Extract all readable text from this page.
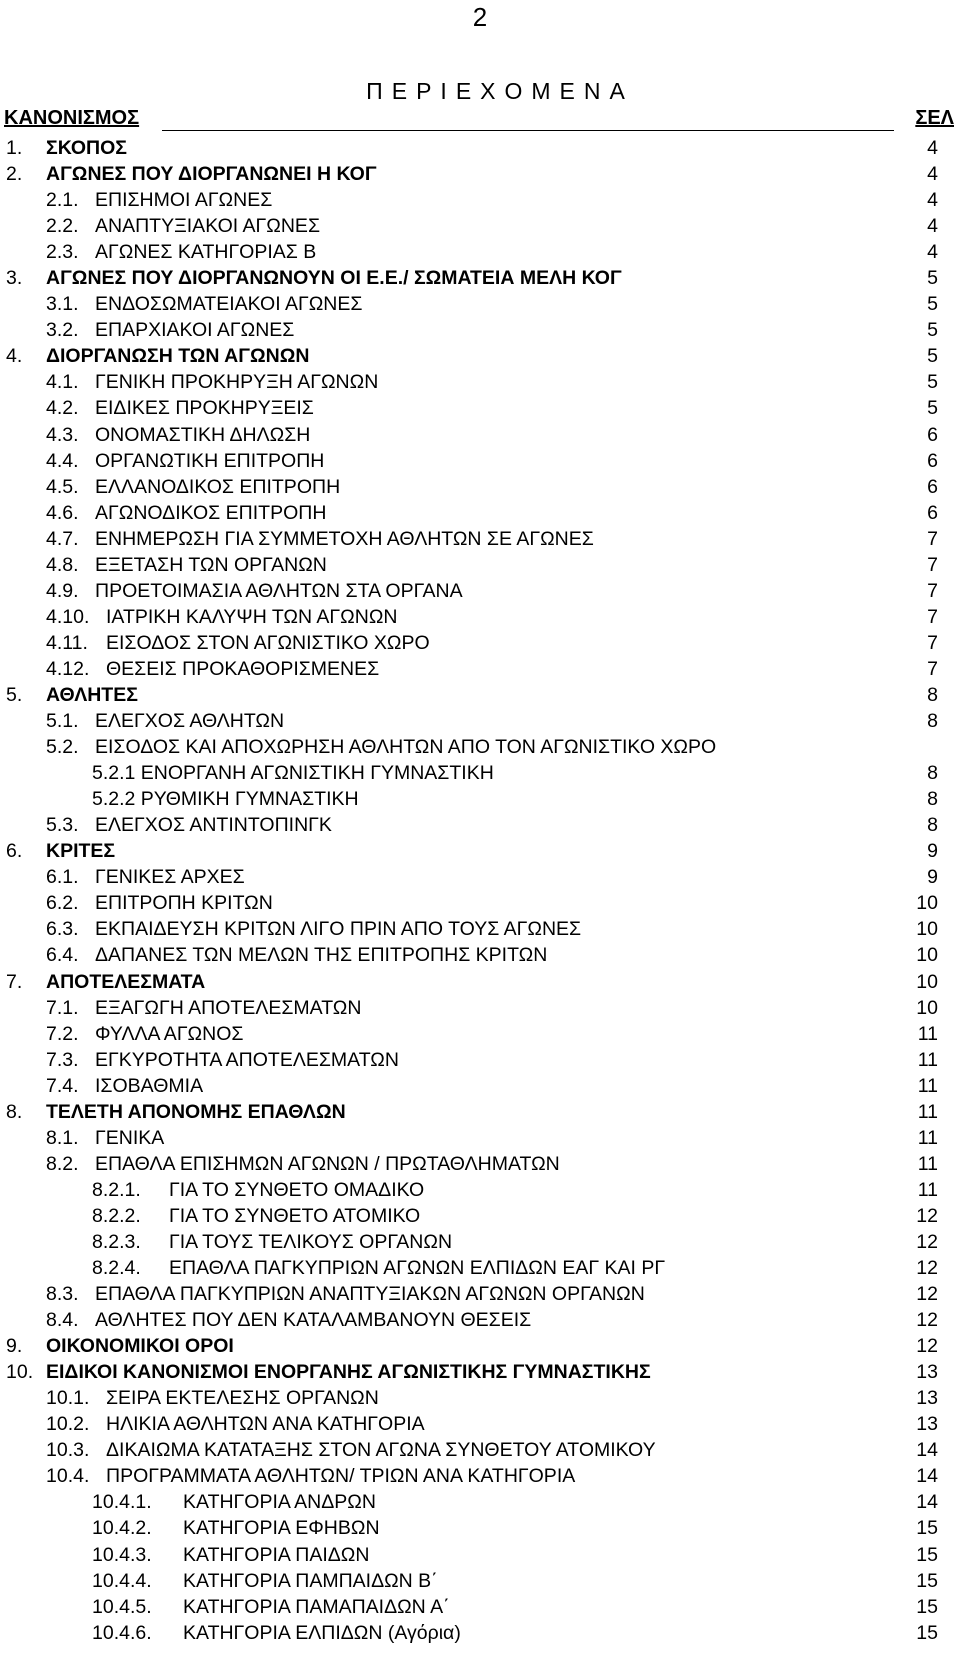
2
ΠΕΡΙΕΧΟΜΕΝΑ
ΚΑΝΟΝΙΣΜΟΣ	ΣΕΛ
1. ΣΚΟΠΟΣ	4
2. ΑΓΩΝΕΣ ΠΟΥ ΔΙΟΡΓΑΝΩΝΕΙ Η ΚΟΓ	4
2.1. ΕΠΙΣΗΜΟΙ ΑΓΩΝΕΣ	4
2.2. ΑΝΑΠΤΥΞΙΑΚΟΙ ΑΓΩΝΕΣ	4
2.3. ΑΓΩΝΕΣ ΚΑΤΗΓΟΡΙΑΣ Β	4
3. ΑΓΩΝΕΣ ΠΟΥ ΔΙΟΡΓΑΝΩΝΟΥΝ ΟΙ Ε.Ε./ ΣΩΜΑΤΕΙΑ ΜΕΛΗ ΚΟΓ	5
3.1. ΕΝΔΟΣΩΜΑΤΕΙΑΚΟΙ ΑΓΩΝΕΣ	5
3.2. ΕΠΑΡΧΙΑΚΟΙ ΑΓΩΝΕΣ	5
4. ΔΙΟΡΓΑΝΩΣΗ ΤΩΝ ΑΓΩΝΩΝ	5
4.1. ΓΕΝΙΚΗ ΠΡΟΚΗΡΥΞΗ ΑΓΩΝΩΝ	5
4.2. ΕΙΔΙΚΕΣ ΠΡΟΚΗΡΥΞΕΙΣ	5
4.3. ΟΝΟΜΑΣΤΙΚΗ ΔΗΛΩΣΗ	6
4.4. ΟΡΓΑΝΩΤΙΚΗ ΕΠΙΤΡΟΠΗ	6
4.5. ΕΛΛΑΝΟΔΙΚΟΣ ΕΠΙΤΡΟΠΗ	6
4.6. ΑΓΩΝΟΔΙΚΟΣ ΕΠΙΤΡΟΠΗ	6
4.7. ΕΝΗΜΕΡΩΣΗ ΓΙΑ ΣΥΜΜΕΤΟΧΗ ΑΘΛΗΤΩΝ ΣΕ ΑΓΩΝΕΣ	7
4.8. ΕΞΕΤΑΣΗ ΤΩΝ ΟΡΓΑΝΩΝ	7
4.9. ΠΡΟΕΤΟΙΜΑΣΙΑ ΑΘΛΗΤΩΝ ΣΤΑ ΟΡΓΑΝΑ	7
4.10. ΙΑΤΡΙΚΗ ΚΑΛΥΨΗ ΤΩΝ ΑΓΩΝΩΝ	7
4.11. ΕΙΣΟΔΟΣ ΣΤΟΝ ΑΓΩΝΙΣΤΙΚΟ ΧΩΡΟ	7
4.12. ΘΕΣΕΙΣ ΠΡΟΚΑΘΟΡΙΣΜΕΝΕΣ	7
5. ΑΘΛΗΤΕΣ	8
5.1. ΕΛΕΓΧΟΣ ΑΘΛΗΤΩΝ	8
5.2. ΕΙΣΟΔΟΣ ΚΑΙ ΑΠΟΧΩΡΗΣΗ ΑΘΛΗΤΩΝ ΑΠΟ ΤΟΝ ΑΓΩΝΙΣΤΙΚΟ ΧΩΡΟ
5.2.1 ΕΝΟΡΓΑΝΗ ΑΓΩΝΙΣΤΙΚΗ ΓΥΜΝΑΣΤΙΚΗ	8
5.2.2 ΡΥΘΜΙΚΗ ΓΥΜΝΑΣΤΙΚΗ	8
5.3. ΕΛΕΓΧΟΣ ΑΝΤΙΝΤΟΠΙΝΓΚ	8
6. ΚΡΙΤΕΣ	9
6.1. ΓΕΝΙΚΕΣ ΑΡΧΕΣ	9
6.2. ΕΠΙΤΡΟΠΗ ΚΡΙΤΩΝ	10
6.3. ΕΚΠΑΙΔΕΥΣΗ ΚΡΙΤΩΝ ΛΙΓΟ ΠΡΙΝ ΑΠΟ ΤΟΥΣ ΑΓΩΝΕΣ	10
6.4. ΔΑΠΑΝΕΣ ΤΩΝ ΜΕΛΩΝ ΤΗΣ ΕΠΙΤΡΟΠΗΣ ΚΡΙΤΩΝ	10
7. ΑΠΟΤΕΛΕΣΜΑΤΑ	10
7.1. ΕΞΑΓΩΓΗ ΑΠΟΤΕΛΕΣΜΑΤΩΝ	10
7.2. ΦΥΛΛΑ ΑΓΩΝΟΣ	11
7.3. ΕΓΚΥΡΟΤΗΤΑ ΑΠΟΤΕΛΕΣΜΑΤΩΝ	11
7.4. ΙΣΟΒΑΘΜΙΑ	11
8. ΤΕΛΕΤΗ ΑΠΟΝΟΜΗΣ ΕΠΑΘΛΩΝ	11
8.1. ΓΕΝΙΚΑ	11
8.2. ΕΠΑΘΛΑ ΕΠΙΣΗΜΩΝ ΑΓΩΝΩΝ / ΠΡΩΤΑΘΛΗΜΑΤΩΝ	11
8.2.1. ΓΙΑ ΤΟ ΣΥΝΘΕΤΟ ΟΜΑΔΙΚΟ	11
8.2.2. ΓΙΑ ΤΟ ΣΥΝΘΕΤΟ ΑΤΟΜΙΚΟ	12
8.2.3. ΓΙΑ ΤΟΥΣ ΤΕΛΙΚΟΥΣ ΟΡΓΑΝΩΝ	12
8.2.4. ΕΠΑΘΛΑ ΠΑΓΚΥΠΡΙΩΝ ΑΓΩΝΩΝ ΕΛΠΙΔΩΝ ΕΑΓ ΚΑΙ ΡΓ	12
8.3. ΕΠΑΘΛΑ ΠΑΓΚΥΠΡΙΩΝ ΑΝΑΠΤΥΞΙΑΚΩΝ ΑΓΩΝΩΝ ΟΡΓΑΝΩΝ	12
8.4. ΑΘΛΗΤΕΣ ΠΟΥ ΔΕΝ ΚΑΤΑΛΑΜΒΑΝΟΥΝ ΘΕΣΕΙΣ	12
9. ΟΙΚΟΝΟΜΙΚΟΙ ΟΡΟΙ	12
10. ΕΙΔΙΚΟΙ ΚΑΝΟΝΙΣΜΟΙ ΕΝΟΡΓΑΝΗΣ ΑΓΩΝΙΣΤΙΚΗΣ ΓΥΜΝΑΣΤΙΚΗΣ	13
10.1. ΣΕΙΡΑ ΕΚΤΕΛΕΣΗΣ ΟΡΓΑΝΩΝ	13
10.2. ΗΛΙΚΙΑ ΑΘΛΗΤΩΝ ΑΝΑ ΚΑΤΗΓΟΡΙΑ	13
10.3. ΔΙΚΑΙΩΜΑ ΚΑΤΑΤΑΞΗΣ ΣΤΟΝ ΑΓΩΝΑ ΣΥΝΘΕΤΟΥ ΑΤΟΜΙΚΟΥ	14
10.4. ΠΡΟΓΡΑΜΜΑΤΑ ΑΘΛΗΤΩΝ/ ΤΡΙΩΝ ΑΝΑ ΚΑΤΗΓΟΡΙΑ	14
10.4.1. ΚΑΤΗΓΟΡΙΑ ΑΝΔΡΩΝ	14
10.4.2. ΚΑΤΗΓΟΡΙΑ ΕΦΗΒΩΝ	15
10.4.3. ΚΑΤΗΓΟΡΙΑ ΠΑΙΔΩΝ	15
10.4.4. ΚΑΤΗΓΟΡΙΑ ΠΑΜΠΑΙΔΩΝ Β΄	15
10.4.5. ΚΑΤΗΓΟΡΙΑ ΠΑΜΑΠΑΙΔΩΝ Α΄	15
10.4.6. ΚΑΤΗΓΟΡΙΑ ΕΛΠΙΔΩΝ (Αγόρια)	15
